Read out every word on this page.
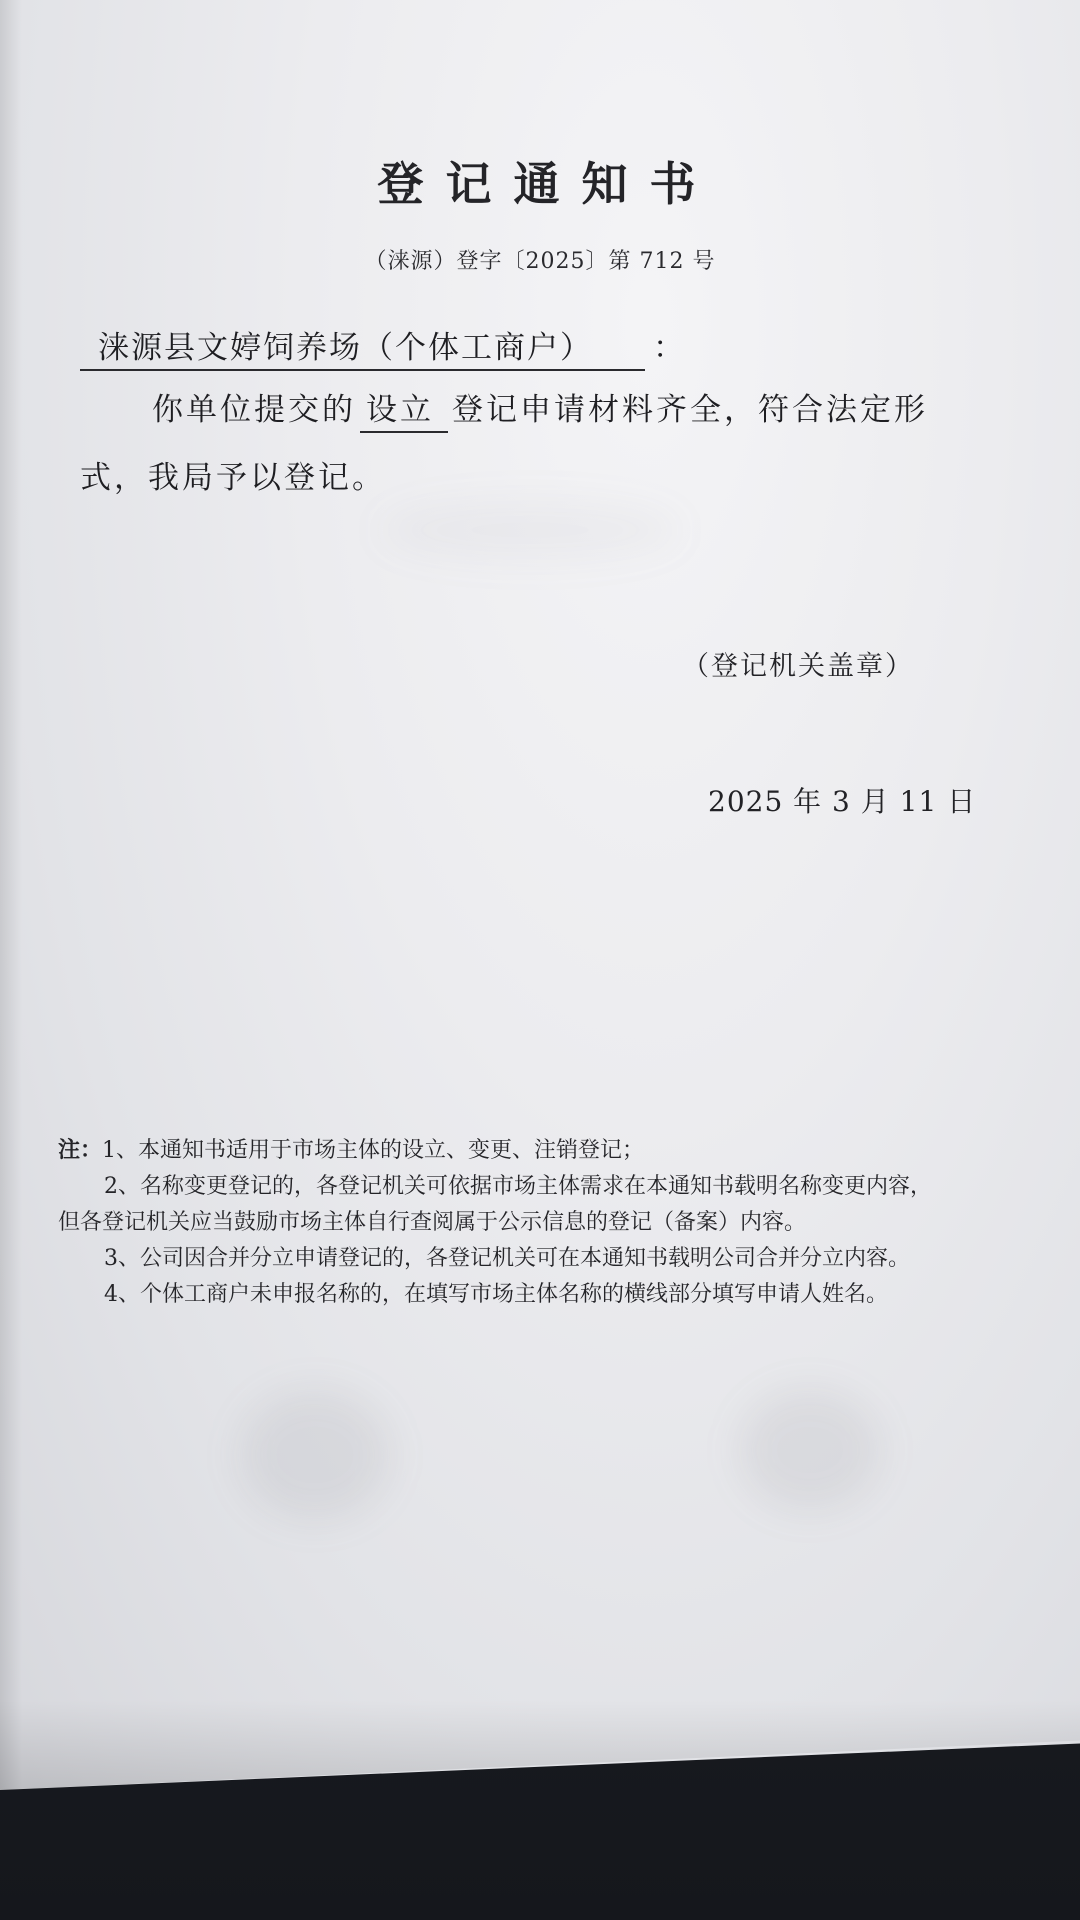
登记通知书
（涞源）登字〔2025〕第 712 号
涞源县文婷饲养场（个体工商户） ：
你单位提交的 设立 登记申请材料齐全，符合法定形
式，我局予以登记。
（登记机关盖章）
2025 年 3 月 11 日
注：1、本通知书适用于市场主体的设立、变更、注销登记；
2、名称变更登记的，各登记机关可依据市场主体需求在本通知书载明名称变更内容，
但各登记机关应当鼓励市场主体自行查阅属于公示信息的登记（备案）内容。
3、公司因合并分立申请登记的，各登记机关可在本通知书载明公司合并分立内容。
4、个体工商户未申报名称的，在填写市场主体名称的横线部分填写申请人姓名。
